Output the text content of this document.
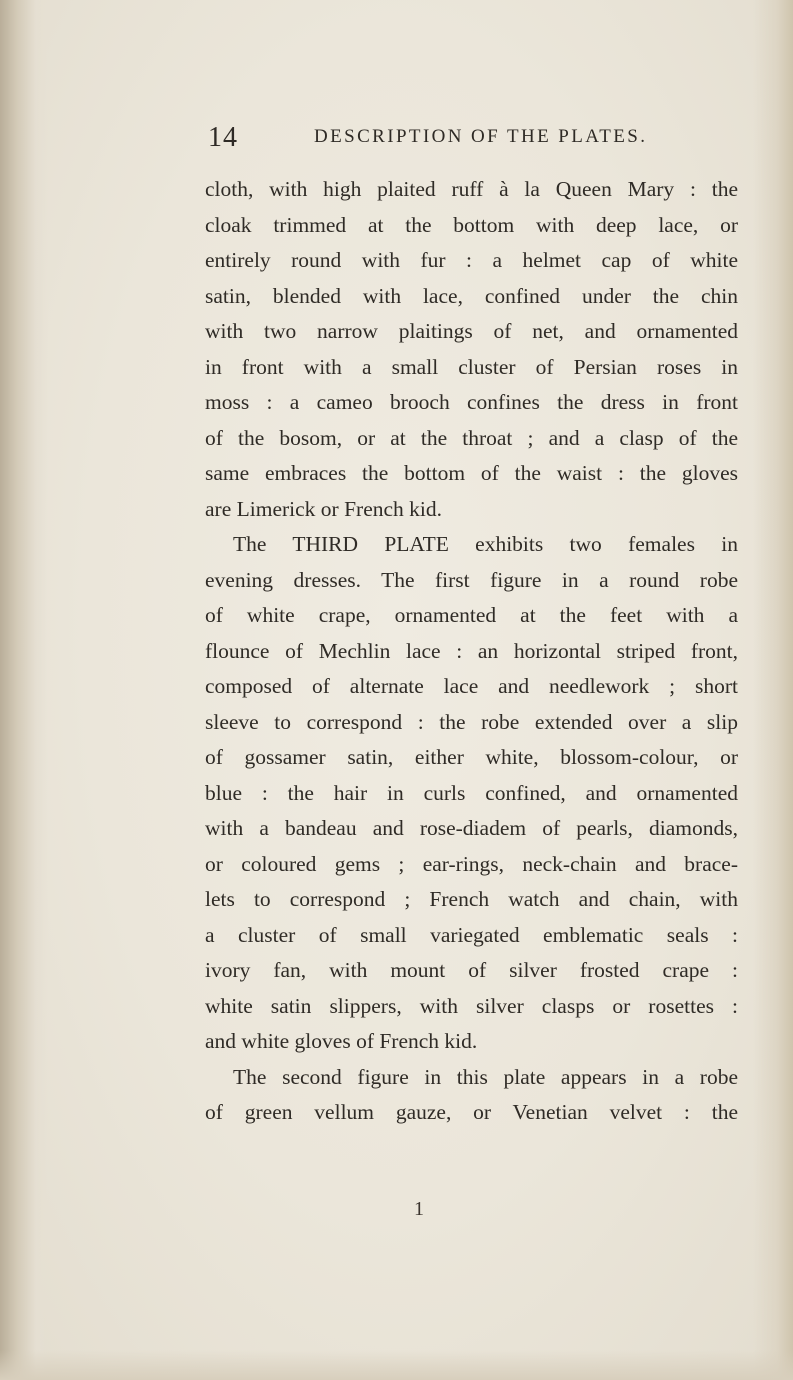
14	DESCRIPTION OF THE PLATES.
cloth, with high plaited ruff à la Queen Mary : the
cloak trimmed at the bottom with deep lace, or
entirely round with fur : a helmet cap of white
satin, blended with lace, confined under the chin
with two narrow plaitings of net, and ornamented
in front with a small cluster of Persian roses in
moss : a cameo brooch confines the dress in front
of the bosom, or at the throat ; and a clasp of the
same embraces the bottom of the waist : the gloves
are Limerick or French kid.
The THIRD PLATE exhibits two females in
evening dresses. The first figure in a round robe
of white crape, ornamented at the feet with a
flounce of Mechlin lace : an horizontal striped front,
composed of alternate lace and needlework ; short
sleeve to correspond : the robe extended over a slip
of gossamer satin, either white, blossom-colour, or
blue : the hair in curls confined, and ornamented
with a bandeau and rose-diadem of pearls, diamonds,
or coloured gems ; ear-rings, neck-chain and brace-
lets to correspond ; French watch and chain, with
a cluster of small variegated emblematic seals :
ivory fan, with mount of silver frosted crape :
white satin slippers, with silver clasps or rosettes :
and white gloves of French kid.
The second figure in this plate appears in a robe
of green vellum gauze, or Venetian velvet : the
1
